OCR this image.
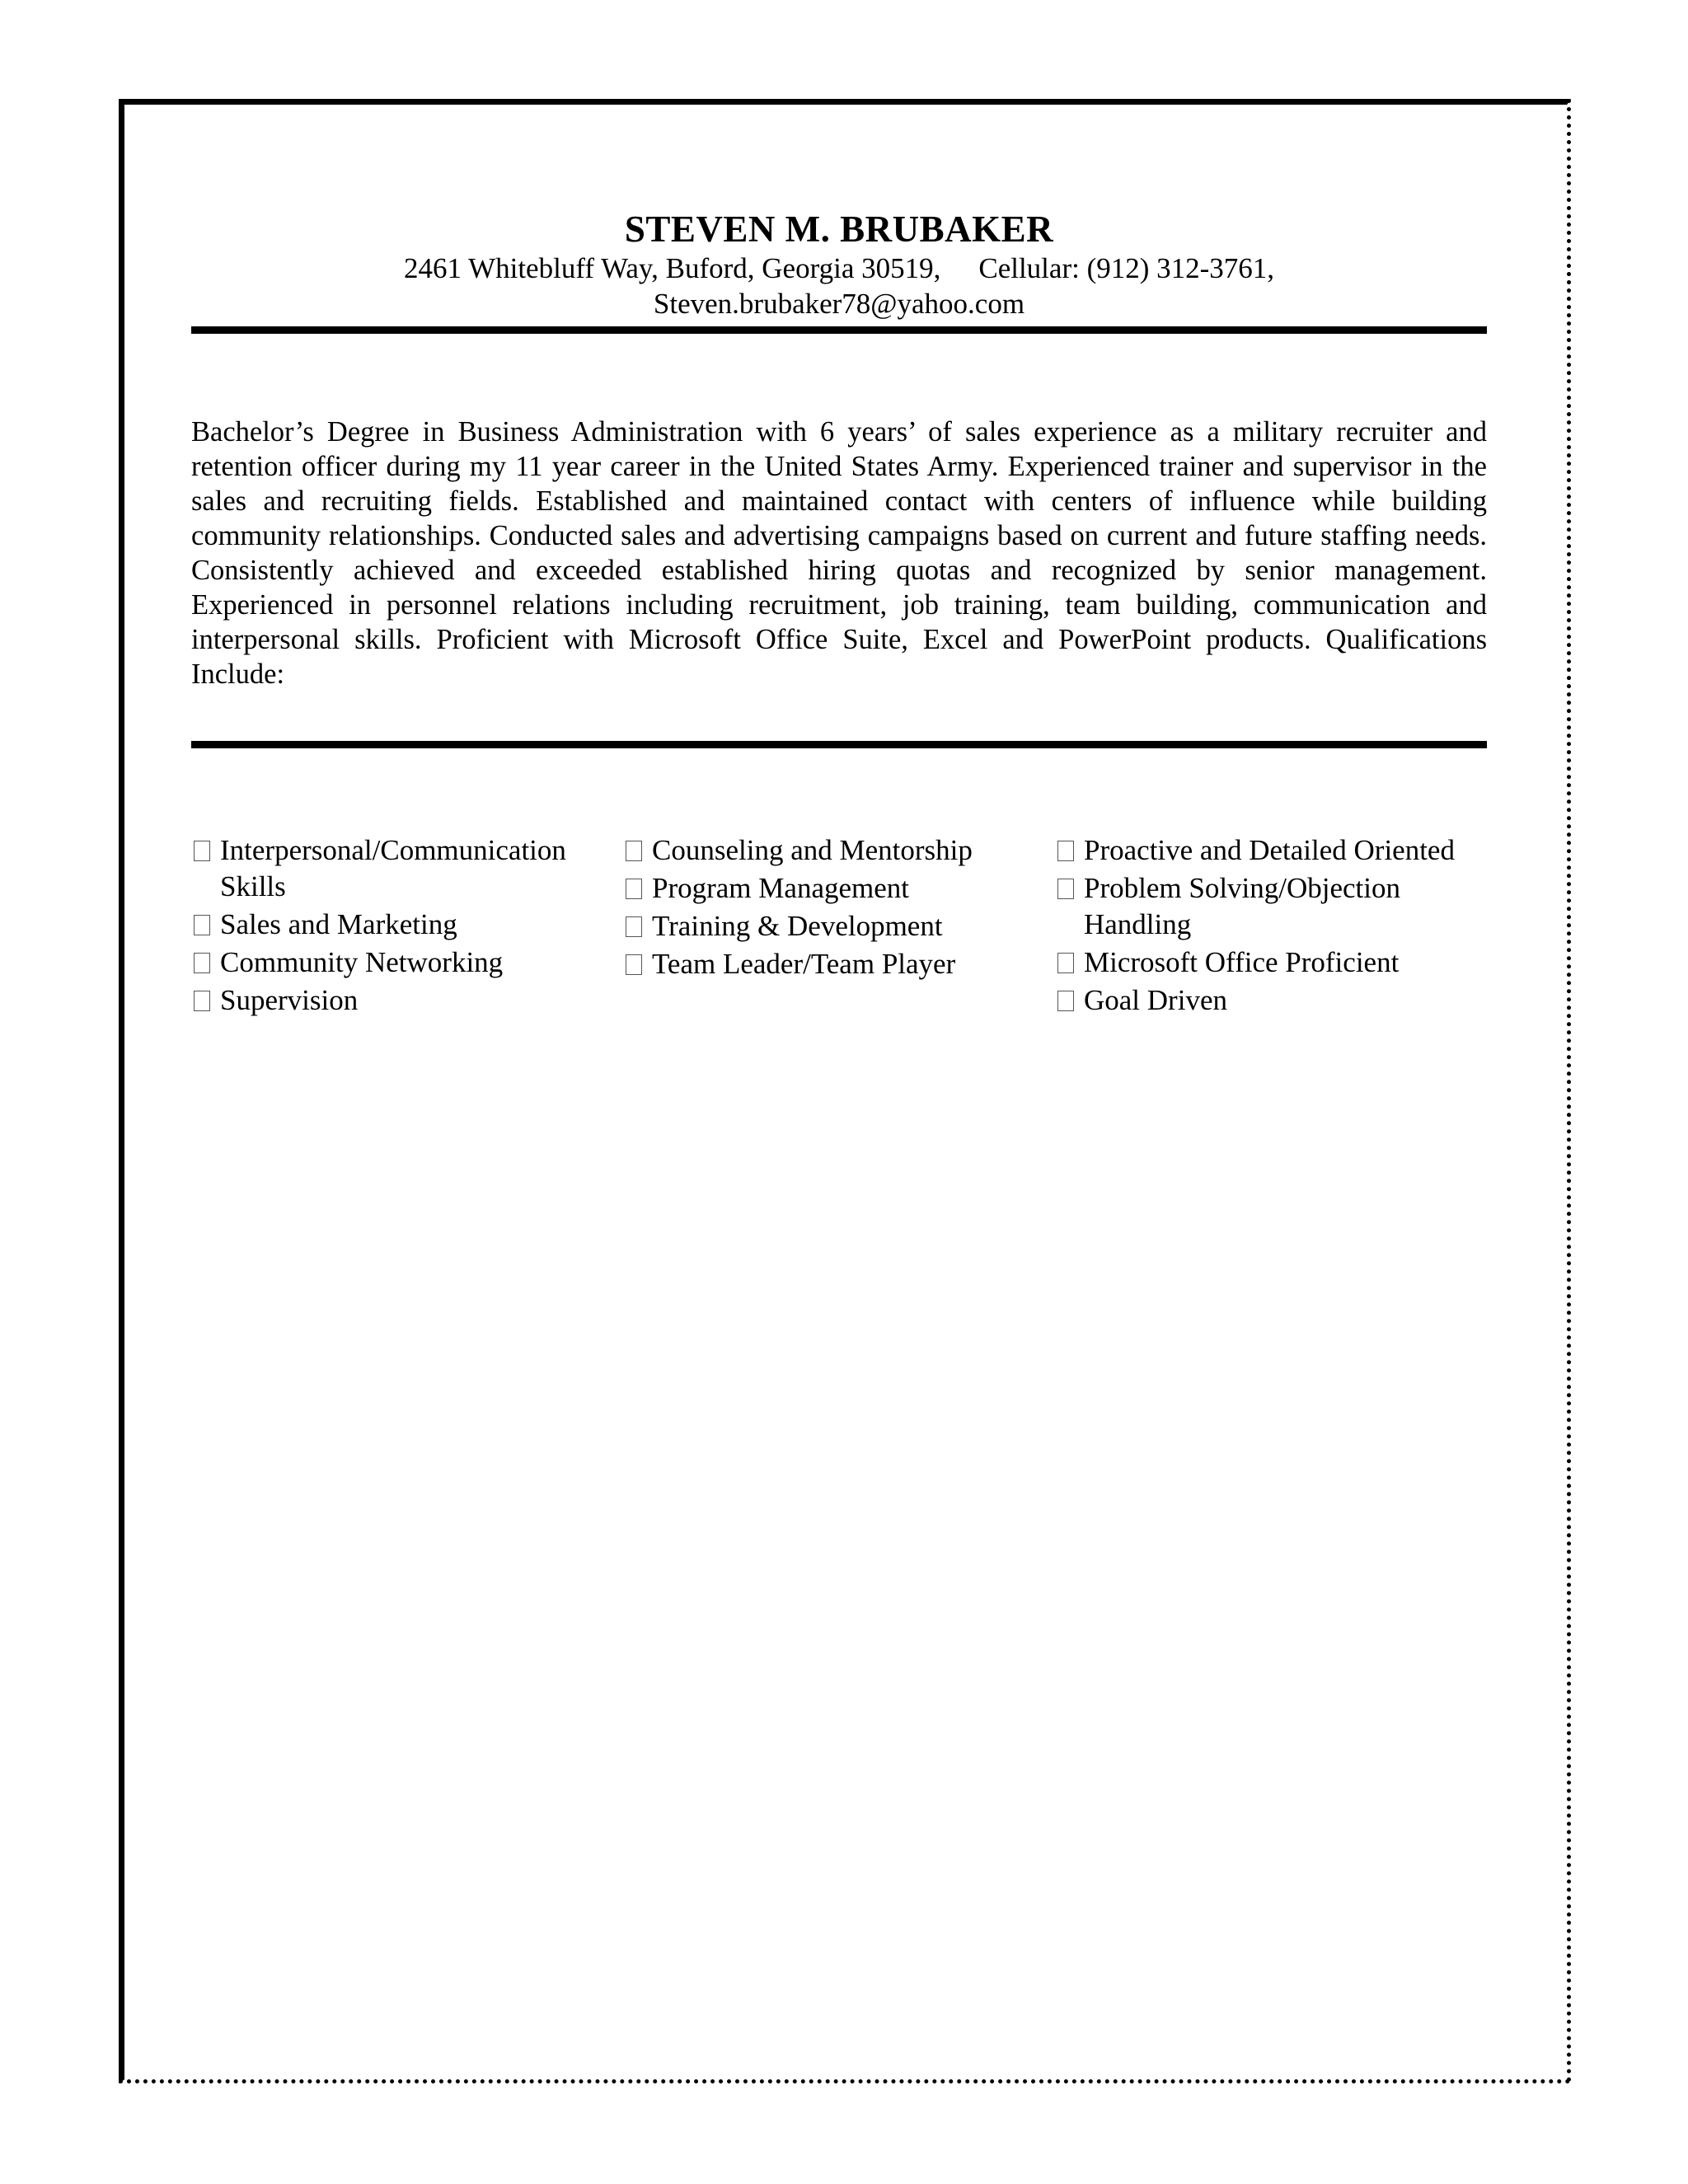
STEVEN M. BRUBAKER
2461 Whitebluff Way, Buford, Georgia 30519, Cellular: (912) 312-3761,
Steven.brubaker78@yahoo.com
Bachelor’s Degree in Business Administration with 6 years’ of sales experience as a military recruiter and retention officer during my 11 year career in the United States Army. Experienced trainer and supervisor in the sales and recruiting fields. Established and maintained contact with centers of influence while building community relationships. Conducted sales and advertising campaigns based on current and future staffing needs. Consistently achieved and exceeded established hiring quotas and recognized by senior management. Experienced in personnel relations including recruitment, job training, team building, communication and interpersonal skills. Proficient with Microsoft Office Suite, Excel and PowerPoint products. Qualifications Include:
Interpersonal/Communication Skills
Sales and Marketing
Community Networking
Supervision
Counseling and Mentorship
Program Management
Training & Development
Team Leader/Team Player
Proactive and Detailed Oriented
Problem Solving/Objection Handling
Microsoft Office Proficient
Goal Driven
